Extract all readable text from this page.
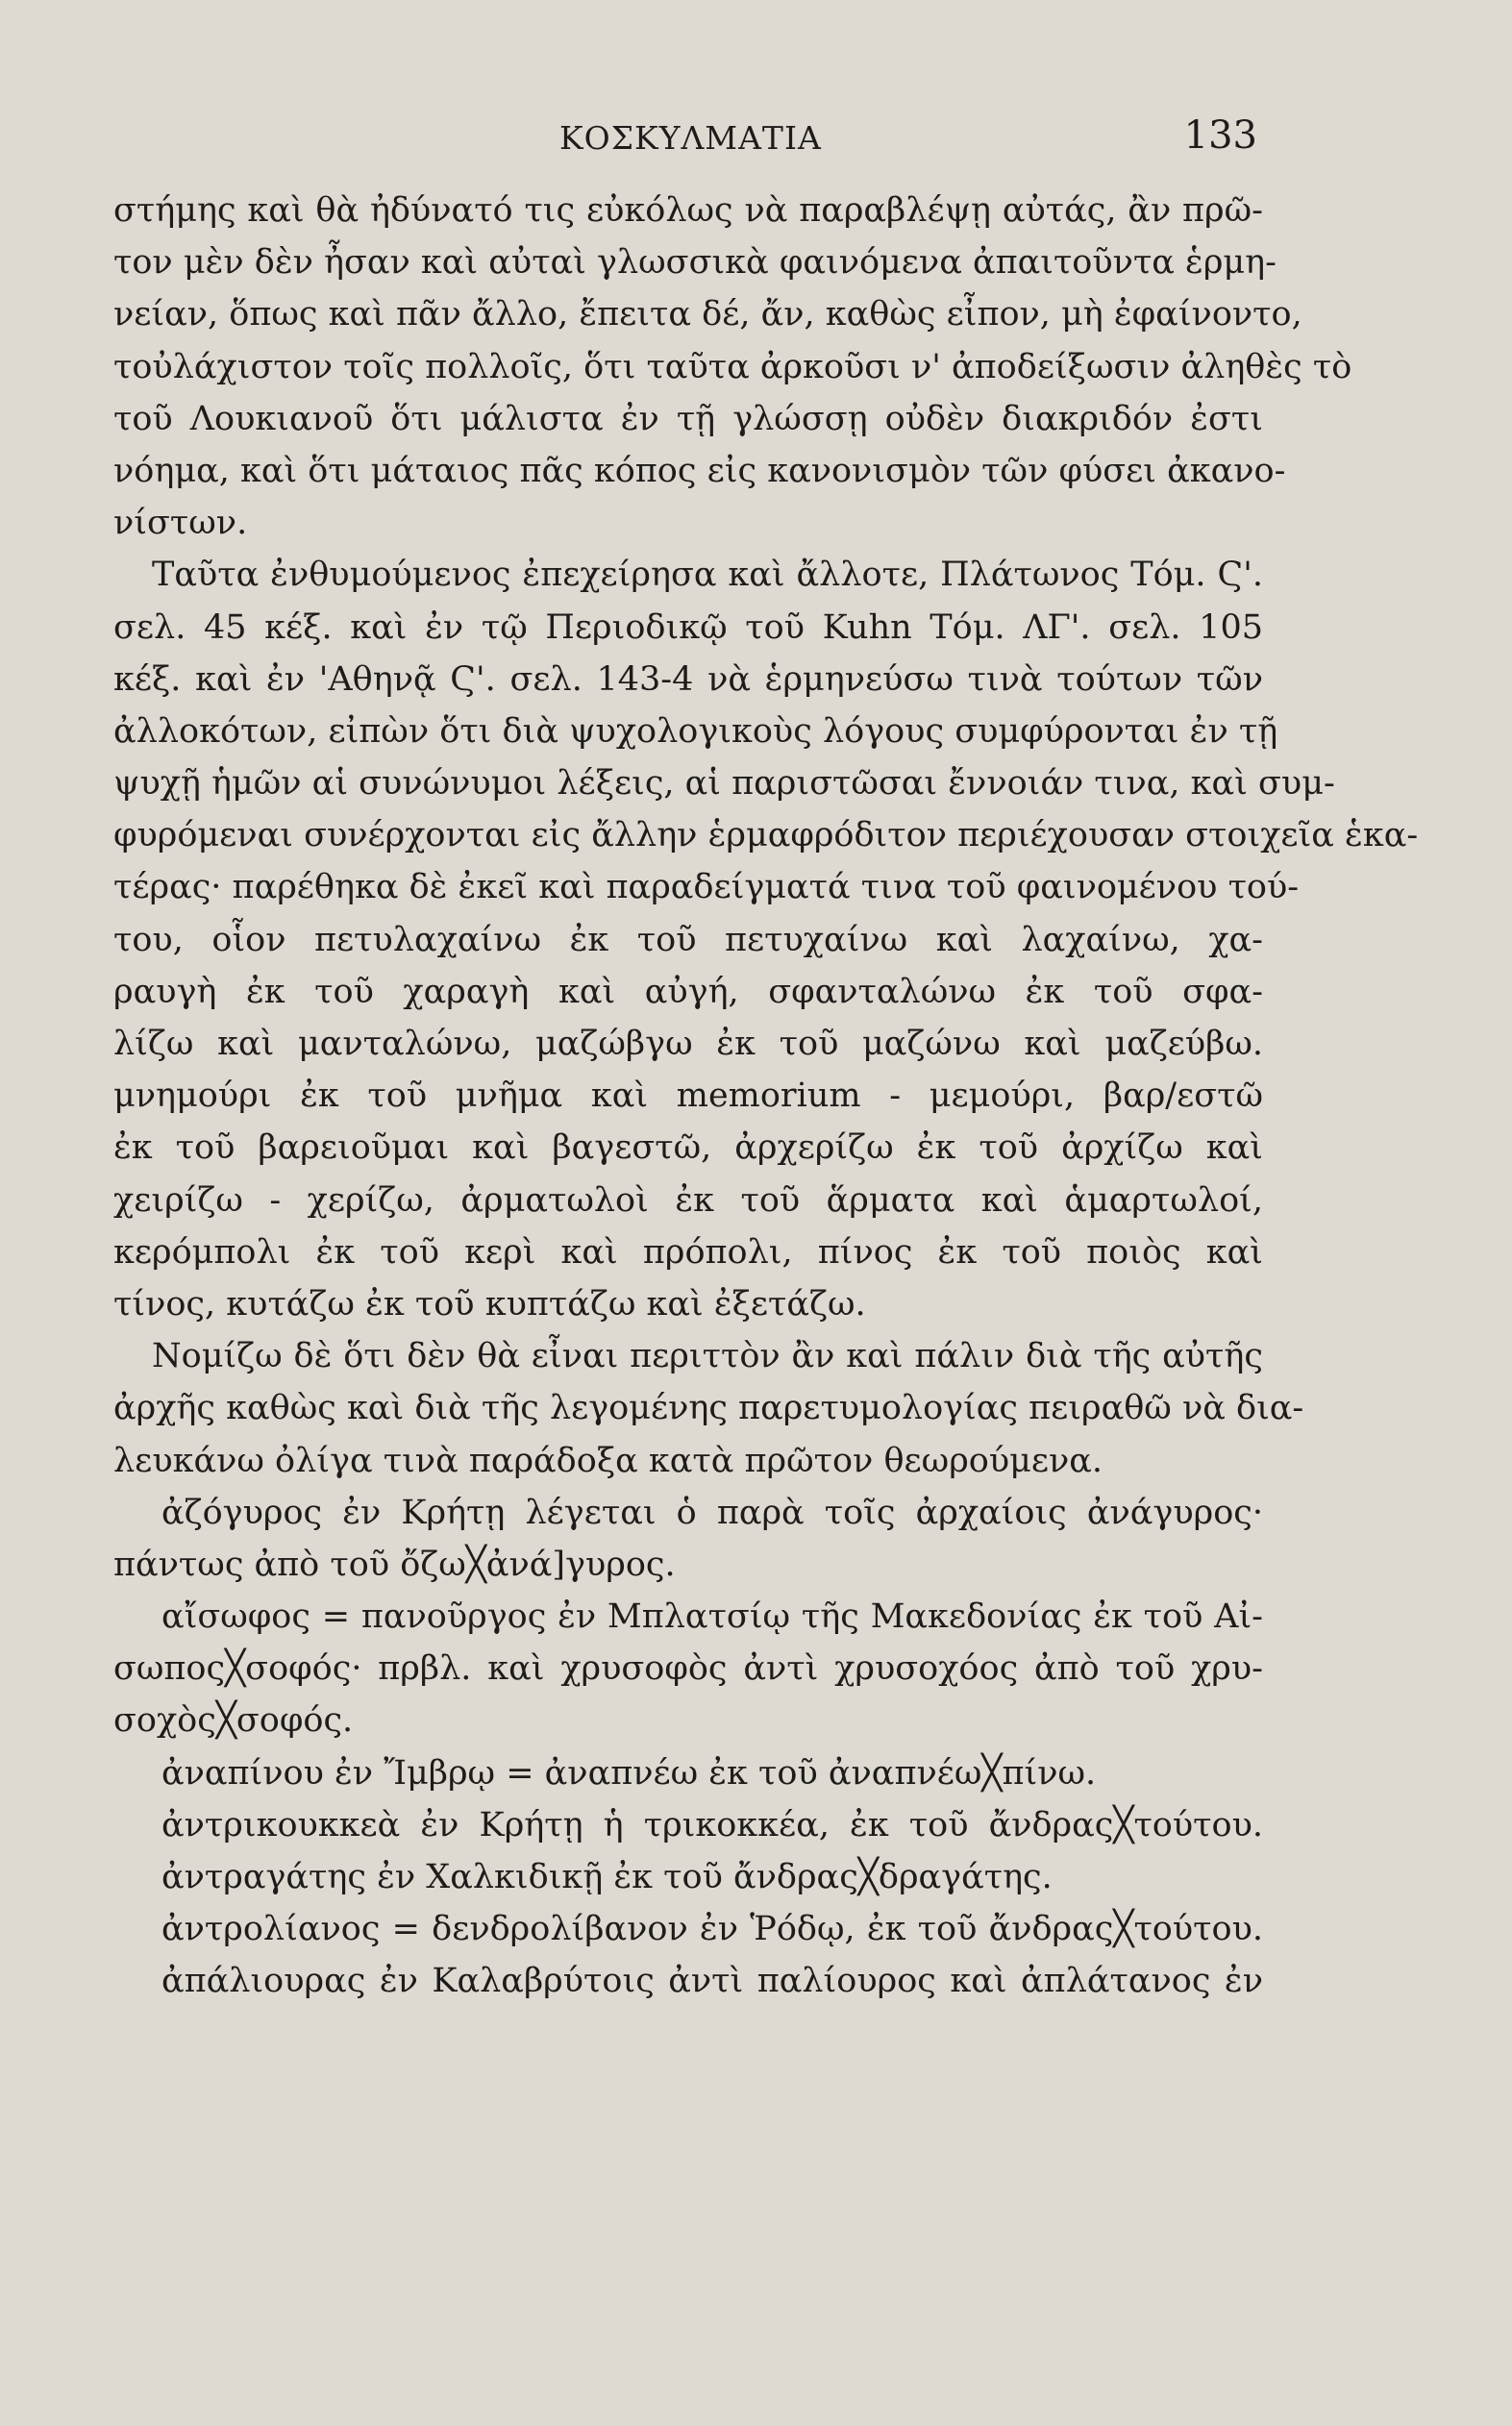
ΚΟΣΚΥΛΜΑΤΙΑ	133
στήμης καὶ θὰ ἠδύνατό τις εὐκόλως νὰ παραβλέψῃ αὐτάς, ἂν πρῶ-
τον μὲν δὲν ἦσαν καὶ αὐταὶ γλωσσικὰ φαινόμενα ἀπαιτοῦντα ἑρμη-
νείαν, ὅπως καὶ πᾶν ἄλλο, ἔπειτα δέ, ἄν, καθὼς εἶπον, μὴ ἐφαίνοντο,
τοὐλάχιστον τοῖς πολλοῖς, ὅτι ταῦτα ἀρκοῦσι ν' ἀποδείξωσιν ἀληθὲς τὸ
τοῦ Λουκιανοῦ ὅτι μάλιστα ἐν τῇ γλώσσῃ οὐδὲν διακριδόν ἐστι
νόημα, καὶ ὅτι μάταιος πᾶς κόπος εἰς κανονισμὸν τῶν φύσει ἀκανο-
νίστων.
Ταῦτα ἐνθυμούμενος ἐπεχείρησα καὶ ἄλλοτε, Πλάτωνος Τόμ. Ϛ'.
σελ. 45 κέξ. καὶ ἐν τῷ Περιοδικῷ τοῦ Kuhn Τόμ. ΛΓ'. σελ. 105
κέξ. καὶ ἐν 'Αθηνᾷ Ϛ'. σελ. 143-4 νὰ ἑρμηνεύσω τινὰ τούτων τῶν
ἀλλοκότων, εἰπὼν ὅτι διὰ ψυχολογικοὺς λόγους συμφύρονται ἐν τῇ
ψυχῇ ἡμῶν αἱ συνώνυμοι λέξεις, αἱ παριστῶσαι ἔννοιάν τινα, καὶ συμ-
φυρόμεναι συνέρχονται εἰς ἄλλην ἑρμαφρόδιτον περιέχουσαν στοιχεῖα ἑκα-
τέρας· παρέθηκα δὲ ἐκεῖ καὶ παραδείγματά τινα τοῦ φαινομένου τού-
του, οἷον πετυλαχαίνω ἐκ τοῦ πετυχαίνω καὶ λαχαίνω, χα-
ραυγὴ ἐκ τοῦ χαραγὴ καὶ αὐγή, σφανταλώνω ἐκ τοῦ σφα-
λίζω καὶ μανταλώνω, μαζώβγω ἐκ τοῦ μαζώνω καὶ μαζεύβω.
μνημούρι ἐκ τοῦ μνῆμα καὶ memorium - μεμούρι, βαρ/εστῶ
ἐκ τοῦ βαρειοῦμαι καὶ βαγεστῶ, ἀρχερίζω ἐκ τοῦ ἀρχίζω καὶ
χειρίζω - χερίζω, ἀρματωλοὶ ἐκ τοῦ ἅρματα καὶ ἁμαρτωλοί,
κερόμπολι ἐκ τοῦ κερὶ καὶ πρόπολι, πίνος ἐκ τοῦ ποιὸς καὶ
τίνος, κυτάζω ἐκ τοῦ κυπτάζω καὶ ἐξετάζω.
Νομίζω δὲ ὅτι δὲν θὰ εἶναι περιττὸν ἂν καὶ πάλιν διὰ τῆς αὐτῆς
ἀρχῆς καθὼς καὶ διὰ τῆς λεγομένης παρετυμολογίας πειραθῶ νὰ δια-
λευκάνω ὀλίγα τινὰ παράδοξα κατὰ πρῶτον θεωρούμενα.
ἀζόγυρος ἐν Κρήτῃ λέγεται ὁ παρὰ τοῖς ἀρχαίοις ἀνάγυρος·
πάντως ἀπὸ τοῦ ὄζω╳ἀνά]γυρος.
αἴσωφος = πανοῦργος ἐν Μπλατσίῳ τῆς Μακεδονίας ἐκ τοῦ Αἰ-
σωπος╳σοφός· πρβλ. καὶ χρυσοφὸς ἀντὶ χρυσοχόος ἀπὸ τοῦ χρυ-
σοχὸς╳σοφός.
ἀναπίνου ἐν Ἴμβρῳ = ἀναπνέω ἐκ τοῦ ἀναπνέω╳πίνω.
ἀντρικουκκεὰ ἐν Κρήτῃ ἡ τρικοκκέα, ἐκ τοῦ ἄνδρας╳τούτου.
ἀντραγάτης ἐν Χαλκιδικῇ ἐκ τοῦ ἄνδρας╳δραγάτης.
ἀντρολίανος = δενδρολίβανον ἐν Ῥόδῳ, ἐκ τοῦ ἄνδρας╳τούτου.
ἀπάλιουρας ἐν Καλαβρύτοις ἀντὶ παλίουρος καὶ ἀπλάτανος ἐν
